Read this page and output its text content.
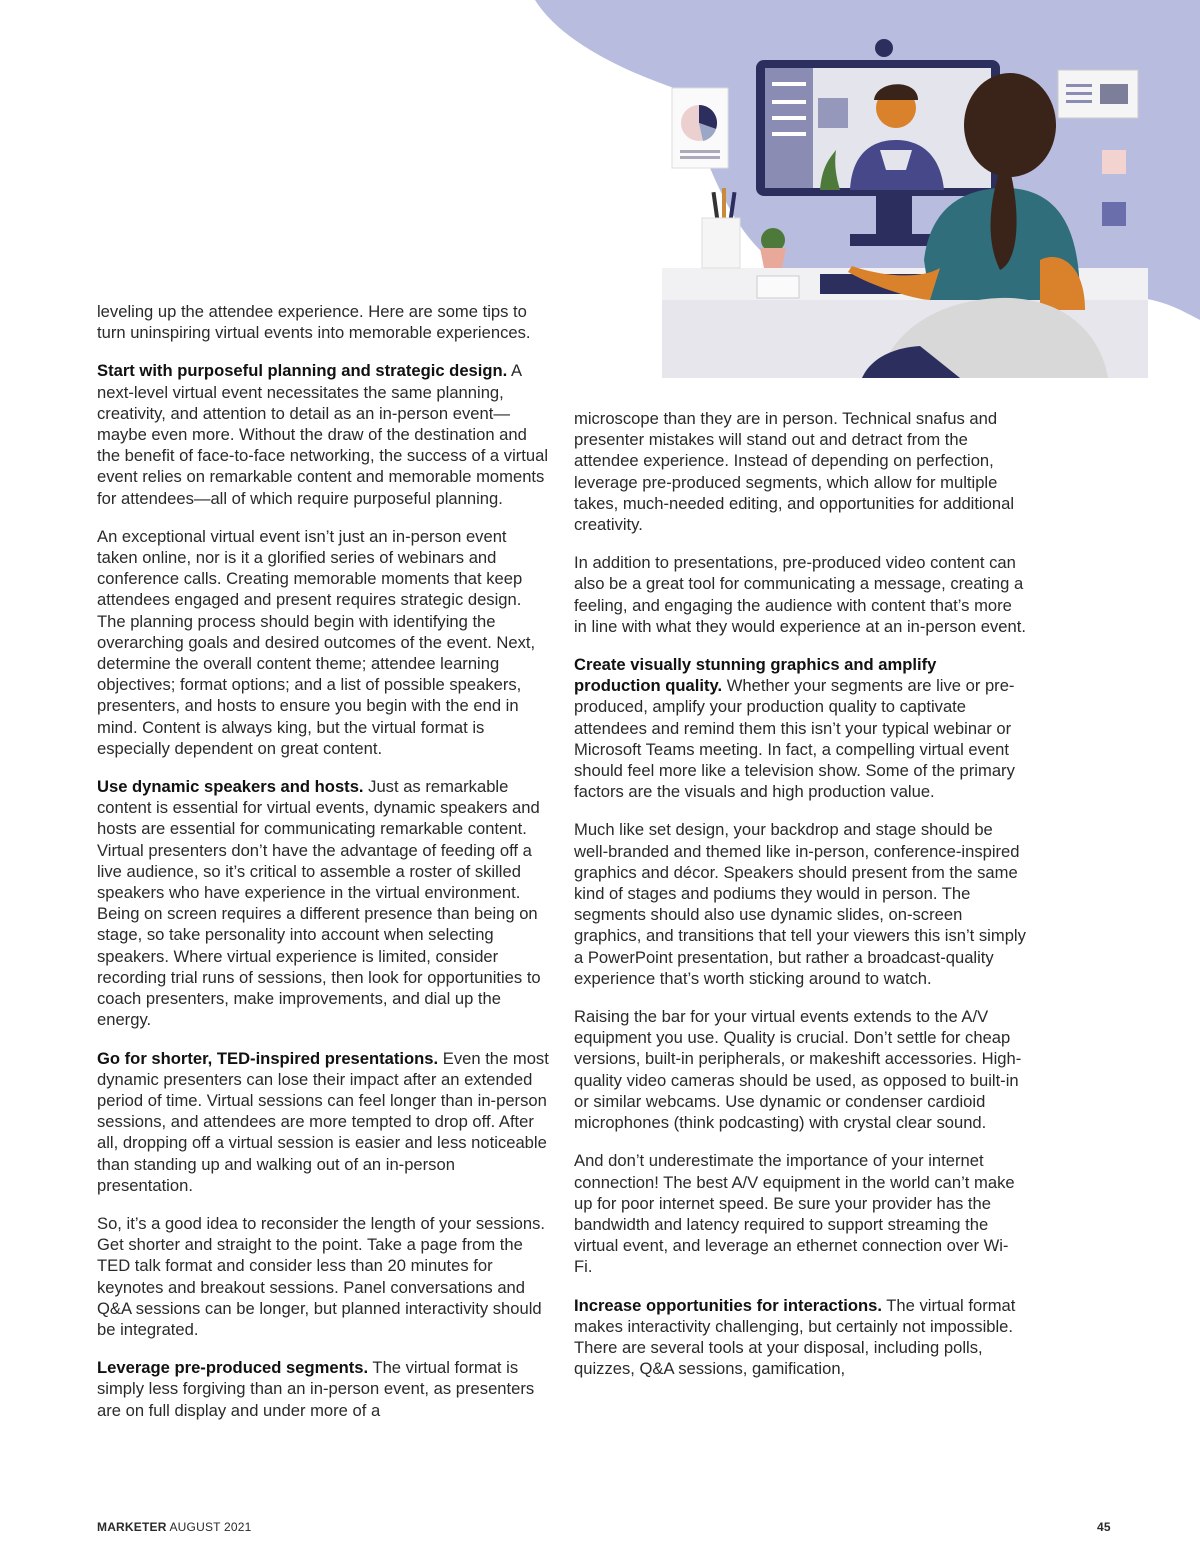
leveling up the attendee experience. Here are some tips to turn uninspiring virtual events into memorable experiences.

Start with purposeful planning and strategic design. A next-level virtual event necessitates the same planning, creativity, and attention to detail as an in-person event—maybe even more. Without the draw of the destination and the benefit of face-to-face networking, the success of a virtual event relies on remarkable content and memorable moments for attendees—all of which require purposeful planning.

An exceptional virtual event isn’t just an in-person event taken online, nor is it a glorified series of webinars and conference calls. Creating memorable moments that keep attendees engaged and present requires strategic design. The planning process should begin with identifying the overarching goals and desired outcomes of the event. Next, determine the overall content theme; attendee learning objectives; format options; and a list of possible speakers, presenters, and hosts to ensure you begin with the end in mind. Content is always king, but the virtual format is especially dependent on great content.

Use dynamic speakers and hosts. Just as remarkable content is essential for virtual events, dynamic speakers and hosts are essential for communicating remarkable content. Virtual presenters don’t have the advantage of feeding off a live audience, so it’s critical to assemble a roster of skilled speakers who have experience in the virtual environment. Being on screen requires a different presence than being on stage, so take personality into account when selecting speakers. Where virtual experience is limited, consider recording trial runs of sessions, then look for opportunities to coach presenters, make improvements, and dial up the energy.

Go for shorter, TED-inspired presentations. Even the most dynamic presenters can lose their impact after an extended period of time. Virtual sessions can feel longer than in-person sessions, and attendees are more tempted to drop off. After all, dropping off a virtual session is easier and less noticeable than standing up and walking out of an in-person presentation.

So, it’s a good idea to reconsider the length of your sessions. Get shorter and straight to the point. Take a page from the TED talk format and consider less than 20 minutes for keynotes and breakout sessions. Panel conversations and Q&A sessions can be longer, but planned interactivity should be integrated.

Leverage pre-produced segments. The virtual format is simply less forgiving than an in-person event, as presenters are on full display and under more of a

microscope than they are in person. Technical snafus and presenter mistakes will stand out and detract from the attendee experience. Instead of depending on perfection, leverage pre-produced segments, which allow for multiple takes, much-needed editing, and opportunities for additional creativity.

In addition to presentations, pre-produced video content can also be a great tool for communicating a message, creating a feeling, and engaging the audience with content that’s more in line with what they would experience at an in-person event.

Create visually stunning graphics and amplify production quality. Whether your segments are live or pre-produced, amplify your production quality to captivate attendees and remind them this isn’t your typical webinar or Microsoft Teams meeting. In fact, a compelling virtual event should feel more like a television show. Some of the primary factors are the visuals and high production value.

Much like set design, your backdrop and stage should be well-branded and themed like in-person, conference-inspired graphics and décor. Speakers should present from the same kind of stages and podiums they would in person. The segments should also use dynamic slides, on-screen graphics, and transitions that tell your viewers this isn’t simply a PowerPoint presentation, but rather a broadcast-quality experience that’s worth sticking around to watch.

Raising the bar for your virtual events extends to the A/V equipment you use. Quality is crucial. Don’t settle for cheap versions, built-in peripherals, or makeshift accessories. High-quality video cameras should be used, as opposed to built-in or similar webcams. Use dynamic or condenser cardioid microphones (think podcasting) with crystal clear sound.

And don’t underestimate the importance of your internet connection! The best A/V equipment in the world can’t make up for poor internet speed. Be sure your provider has the bandwidth and latency required to support streaming the virtual event, and leverage an ethernet connection over Wi-Fi.

Increase opportunities for interactions. The virtual format makes interactivity challenging, but certainly not impossible. There are several tools at your disposal, including polls, quizzes, Q&A sessions, gamification,

MARKETER AUGUST 2021	45
